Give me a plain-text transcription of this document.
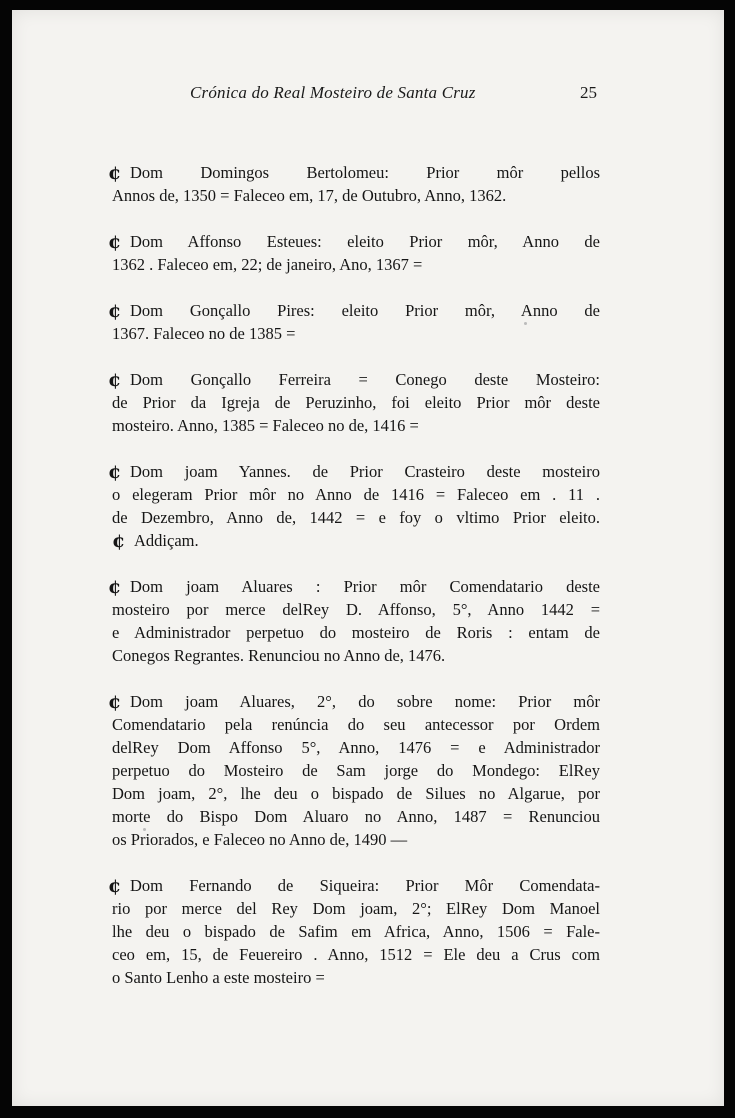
Crónica do Real Mosteiro de Santa Cruz	25
¢ Dom Domingos Bertolomeu: Prior môr pellos
Annos de, 1350 = Faleceo em, 17, de Outubro, Anno, 1362.
¢ Dom Affonso Esteues: eleito Prior môr, Anno de
1362 . Faleceo em, 22; de janeiro, Ano, 1367 =
¢ Dom Gonçallo Pires: eleito Prior môr, Anno de
1367. Faleceo no de 1385 =
¢ Dom Gonçallo Ferreira = Conego deste Mosteiro:
de Prior da Igreja de Peruzinho, foi eleito Prior môr deste
mosteiro. Anno, 1385 = Faleceo no de, 1416 =
¢ Dom joam Yannes. de Prior Crasteiro deste mosteiro
o elegeram Prior môr no Anno de 1416 = Faleceo em . 11 .
de Dezembro, Anno de, 1442 = e foy o vltimo Prior eleito.
¢ Addiçam.
¢ Dom joam Aluares : Prior môr Comendatario deste
mosteiro por merce delRey D. Affonso, 5°, Anno 1442 =
e Administrador perpetuo do mosteiro de Roris : entam de
Conegos Regrantes. Renunciou no Anno de, 1476.
¢ Dom joam Aluares, 2°, do sobre nome: Prior môr
Comendatario pela renúncia do seu antecessor por Ordem
delRey Dom Affonso 5°, Anno, 1476 = e Administrador
perpetuo do Mosteiro de Sam jorge do Mondego: ElRey
Dom joam, 2°, lhe deu o bispado de Silues no Algarue, por
morte do Bispo Dom Aluaro no Anno, 1487 = Renunciou
os Priorados, e Faleceo no Anno de, 1490 —
¢ Dom Fernando de Siqueira: Prior Môr Comendata-
rio por merce del Rey Dom joam, 2°; ElRey Dom Manoel
lhe deu o bispado de Safim em Africa, Anno, 1506 = Fale-
ceo em, 15, de Feuereiro . Anno, 1512 = Ele deu a Crus com
o Santo Lenho a este mosteiro =
